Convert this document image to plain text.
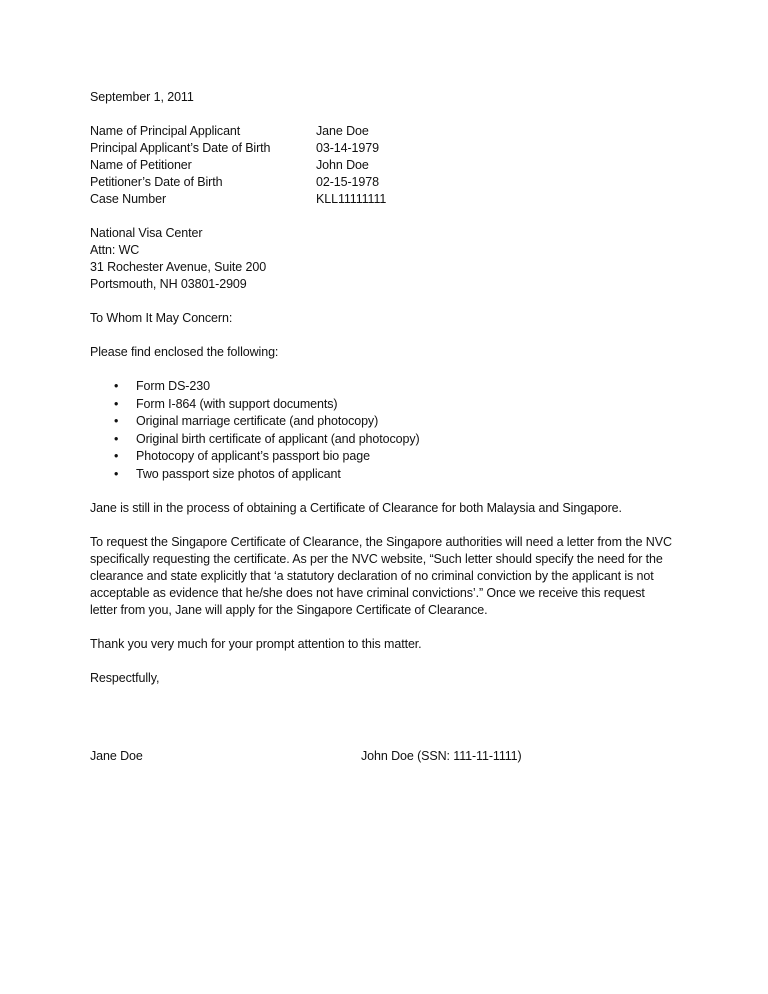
September 1, 2011
Name of Principal Applicant	Jane Doe
Principal Applicant’s Date of Birth	03-14-1979
Name of Petitioner	John Doe
Petitioner’s Date of Birth	02-15-1978
Case Number	KLL11111111
National Visa Center
Attn: WC
31 Rochester Avenue, Suite 200
Portsmouth, NH 03801-2909
To Whom It May Concern:
Please find enclosed the following:
• Form DS-230
• Form I-864 (with support documents)
• Original marriage certificate (and photocopy)
• Original birth certificate of applicant (and photocopy)
• Photocopy of applicant’s passport bio page
• Two passport size photos of applicant
Jane is still in the process of obtaining a Certificate of Clearance for both Malaysia and Singapore.
To request the Singapore Certificate of Clearance, the Singapore authorities will need a letter from the NVC specifically requesting the certificate. As per the NVC website, “Such letter should specify the need for the clearance and state explicitly that ‘a statutory declaration of no criminal conviction by the applicant is not acceptable as evidence that he/she does not have criminal convictions’.” Once we receive this request letter from you, Jane will apply for the Singapore Certificate of Clearance.
Thank you very much for your prompt attention to this matter.
Respectfully,
Jane Doe	John Doe (SSN: 111-11-1111)
